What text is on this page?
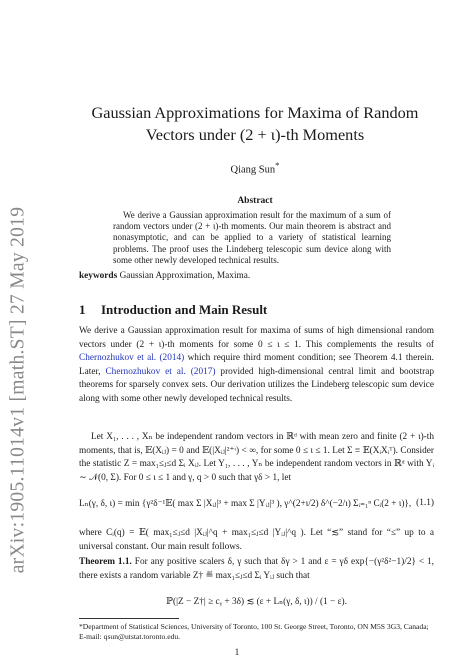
arXiv:1905.11014v1 [math.ST] 27 May 2019
Gaussian Approximations for Maxima of Random
Vectors under (2 + ι)-th Moments
Qiang Sun*
Abstract
We derive a Gaussian approximation result for the maximum of a sum of random vectors under (2 + ι)-th moments. Our main theorem is abstract and nonasymptotic, and can be applied to a variety of statistical learning problems. The proof uses the Lindeberg telescopic sum device along with some other newly developed technical results.
keywords Gaussian Approximation, Maxima.
1 Introduction and Main Result
We derive a Gaussian approximation result for maxima of sums of high dimensional random vectors under (2 + ι)-th moments for some 0 ≤ ι ≤ 1. This complements the results of Chernozhukov et al. (2014) which require third moment condition; see Theorem 4.1 therein. Later, Chernozhukov et al. (2017) provided high-dimensional central limit and bootstrap theorems for sparsely convex sets. Our derivation utilizes the Lindeberg telescopic sum device along with some other newly developed technical results.
Let X₁, . . . , Xₙ be independent random vectors in ℝᵈ with mean zero and finite (2 + ι)-th moments, that is, 𝔼(Xᵢⱼ) = 0 and 𝔼(|Xᵢⱼ|²⁺ᶥ) < ∞, for some 0 ≤ ι ≤ 1. Let Σ ≡ 𝔼(XᵢXᵢᵀ). Consider the statistic Z = max₁≤ⱼ≤d Σᵢ Xᵢⱼ. Let Y₁, . . . , Yₙ be independent random vectors in ℝᵈ with Yᵢ ∼ 𝒩(0, Σ). For 0 ≤ ι ≤ 1 and γ, q > 0 such that γδ > 1, let
Lₙ(γ, δ, ι) = min {γ²δ⁻¹𝔼( max Σ |Xᵢⱼ|³ + max Σ |Yᵢⱼ|³ ), γ^(2+ι/2) δ^(−2/ι) Σᵢ₌₁ⁿ Cᵢ(2 + ι)}, (1.1)
where Cᵢ(q) = 𝔼( max₁≤ⱼ≤d |Xᵢⱼ|^q + max₁≤ⱼ≤d |Yᵢⱼ|^q ). Let “≲” stand for “≤” up to a universal constant. Our main result follows.
Theorem 1.1. For any positive scalers δ, γ such that δγ > 1 and ε = γδ exp{−(γ²δ²−1)/2} < 1, there exists a random variable Z† ≝ max₁≤ⱼ≤d Σᵢ Yᵢⱼ such that
ℙ(|Z − Z†| ≥ cᵧ + 3δ) ≲ (ε + Lₙ(γ, δ, ι)) / (1 − ε).
*Department of Statistical Sciences, University of Toronto, 100 St. George Street, Toronto, ON M5S 3G3, Canada; E-mail: qsun@utstat.toronto.edu.
1
